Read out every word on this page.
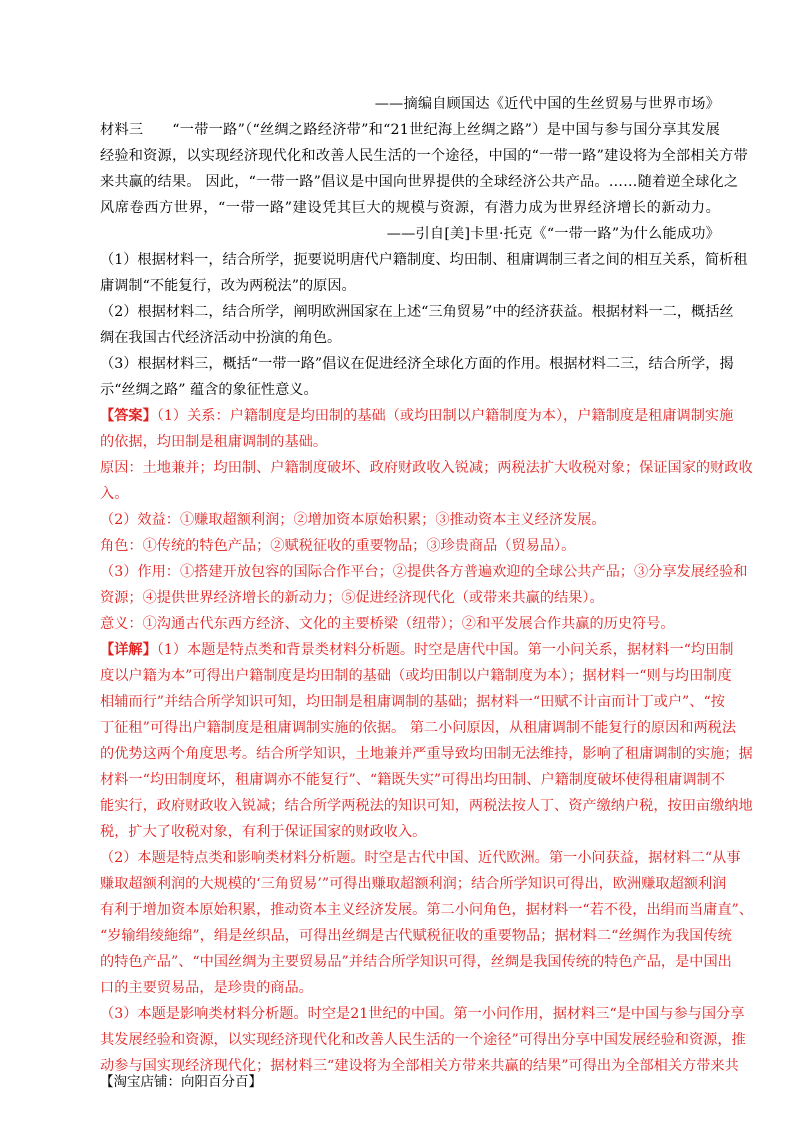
——摘编自顾国达《近代中国的生丝贸易与世界市场》
材料三　　“一带一路”（“丝绸之路经济带”和“21世纪海上丝绸之路”）是中国与参与国分享其发展
经验和资源，以实现经济现代化和改善人民生活的一个途径，中国的“一带一路”建设将为全部相关方带
来共赢的结果。 因此，“一带一路”倡议是中国向世界提供的全球经济公共产品。……随着逆全球化之
风席卷西方世界，“一带一路”建设凭其巨大的规模与资源，有潜力成为世界经济增长的新动力。
——引自[美]卡里·托克《“一带一路”为什么能成功》
（1）根据材料一，结合所学，扼要说明唐代户籍制度、均田制、租庸调制三者之间的相互关系，简析租
庸调制“不能复行，改为两税法”的原因。
（2）根据材料二，结合所学，阐明欧洲国家在上述“三角贸易”中的经济获益。根据材料一二，概括丝
绸在我国古代经济活动中扮演的角色。
（3）根据材料三，概括“一带一路”倡议在促进经济全球化方面的作用。根据材料二三，结合所学，揭
示“丝绸之路” 蕴含的象征性意义。
【答案】（1）关系：户籍制度是均田制的基础（或均田制以户籍制度为本），户籍制度是租庸调制实施
的依据，均田制是租庸调制的基础。
原因：土地兼并；均田制、户籍制度破坏、政府财政收入锐减；两税法扩大收税对象；保证国家的财政收
入。
（2）效益：①赚取超额利润；②增加资本原始积累；③推动资本主义经济发展。
角色：①传统的特色产品；②赋税征收的重要物品；③珍贵商品（贸易品）。
（3）作用：①搭建开放包容的国际合作平台；②提供各方普遍欢迎的全球公共产品；③分享发展经验和
资源；④提供世界经济增长的新动力；⑤促进经济现代化（或带来共赢的结果）。
意义：①沟通古代东西方经济、文化的主要桥梁（纽带）；②和平发展合作共赢的历史符号。
【详解】（1）本题是特点类和背景类材料分析题。时空是唐代中国。第一小问关系，据材料一“均田制
度以户籍为本”可得出户籍制度是均田制的基础（或均田制以户籍制度为本）；据材料一“则与均田制度
相辅而行”并结合所学知识可知，均田制是租庸调制的基础；据材料一“田赋不计亩而计丁或户”、“按
丁征租”可得出户籍制度是租庸调制实施的依据。 第二小问原因，从租庸调制不能复行的原因和两税法
的优势这两个角度思考。结合所学知识，土地兼并严重导致均田制无法维持，影响了租庸调制的实施；据
材料一“均田制度坏，租庸调亦不能复行”、“籍既失实”可得出均田制、户籍制度破坏使得租庸调制不
能实行，政府财政收入锐减；结合所学两税法的知识可知，两税法按人丁、资产缴纳户税，按田亩缴纳地
税，扩大了收税对象，有利于保证国家的财政收入。
（2）本题是特点类和影响类材料分析题。时空是古代中国、近代欧洲。第一小问获益，据材料二“从事
赚取超额利润的大规模的‘三角贸易’”可得出赚取超额利润；结合所学知识可得出，欧洲赚取超额利润
有利于增加资本原始积累，推动资本主义经济发展。第二小问角色，据材料一“若不役，出绢而当庸直”、
“岁输绢绫絁绵”，绢是丝织品，可得出丝绸是古代赋税征收的重要物品；据材料二“丝绸作为我国传统
的特色产品”、“中国丝绸为主要贸易品”并结合所学知识可得，丝绸是我国传统的特色产品，是中国出
口的主要贸易品，是珍贵的商品。
（3）本题是影响类材料分析题。时空是21世纪的中国。第一小问作用，据材料三“是中国与参与国分享
其发展经验和资源，以实现经济现代化和改善人民生活的一个途径”可得出分享中国发展经验和资源，推
动参与国实现经济现代化；据材料三“建设将为全部相关方带来共赢的结果”可得出为全部相关方带来共
【淘宝店铺：向阳百分百】
